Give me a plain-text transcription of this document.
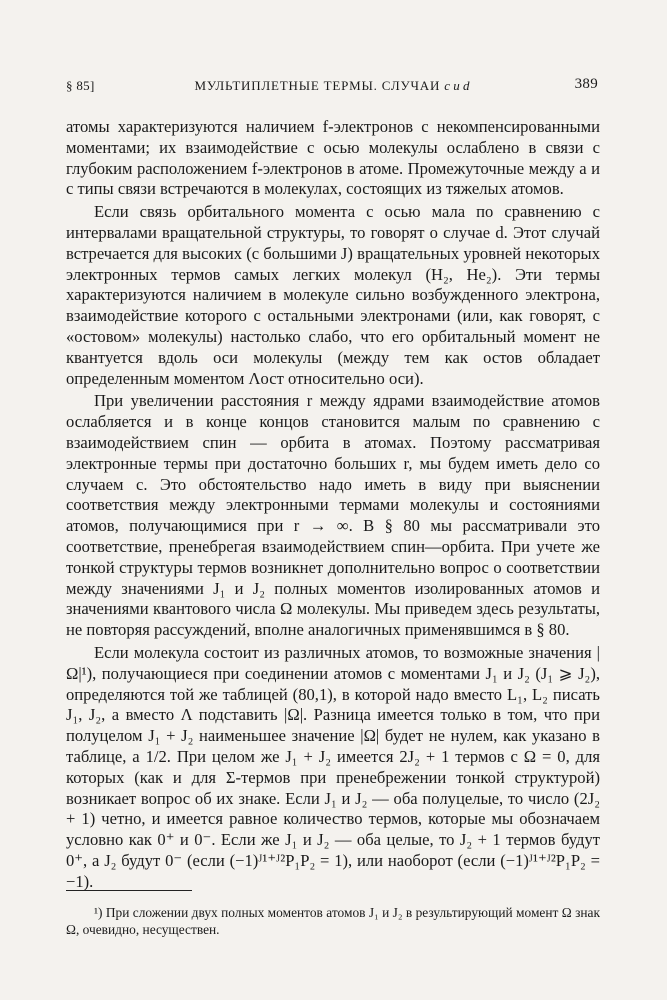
§ 85]	МУЛЬТИПЛЕТНЫЕ ТЕРМЫ. СЛУЧАИ c и d	389

атомы характеризуются наличием f-электронов с некомпенсированными моментами; их взаимодействие с осью молекулы ослаблено в связи с глубоким расположением f-электронов в атоме. Промежуточные между a и c типы связи встречаются в молекулах, состоящих из тяжелых атомов.

Если связь орбитального момента с осью мала по сравнению с интервалами вращательной структуры, то говорят о случае d. Этот случай встречается для высоких (с большими J) вращательных уровней некоторых электронных термов самых легких молекул (H₂, He₂). Эти термы характеризуются наличием в молекуле сильно возбужденного электрона, взаимодействие которого с остальными электронами (или, как говорят, с «остовом» молекулы) настолько слабо, что его орбитальный момент не квантуется вдоль оси молекулы (между тем как остов обладает определенным моментом Λост относительно оси).

При увеличении расстояния r между ядрами взаимодействие атомов ослабляется и в конце концов становится малым по сравнению с взаимодействием спин — орбита в атомах. Поэтому рассматривая электронные термы при достаточно больших r, мы будем иметь дело со случаем c. Это обстоятельство надо иметь в виду при выяснении соответствия между электронными термами молекулы и состояниями атомов, получающимися при r → ∞. В § 80 мы рассматривали это соответствие, пренебрегая взаимодействием спин—орбита. При учете же тонкой структуры термов возникнет дополнительно вопрос о соответствии между значениями J₁ и J₂ полных моментов изолированных атомов и значениями квантового числа Ω молекулы. Мы приведем здесь результаты, не повторяя рассуждений, вполне аналогичных применявшимся в § 80.

Если молекула состоит из различных атомов, то возможные значения |Ω|¹), получающиеся при соединении атомов с моментами J₁ и J₂ (J₁ ⩾ J₂), определяются той же таблицей (80,1), в которой надо вместо L₁, L₂ писать J₁, J₂, а вместо Λ подставить |Ω|. Разница имеется только в том, что при полуцелом J₁ + J₂ наименьшее значение |Ω| будет не нулем, как указано в таблице, а 1/2. При целом же J₁ + J₂ имеется 2J₂ + 1 термов с Ω = 0, для которых (как и для Σ-термов при пренебрежении тонкой структурой) возникает вопрос об их знаке. Если J₁ и J₂ — оба полуцелые, то число (2J₂ + 1) четно, и имеется равное количество термов, которые мы обозначаем условно как 0⁺ и 0⁻. Если же J₁ и J₂ — оба целые, то J₂ + 1 термов будут 0⁺, а J₂ будут 0⁻ (если (−1)ᴶ¹⁺ᴶ²P₁P₂ = 1), или наоборот (если (−1)ᴶ¹⁺ᴶ²P₁P₂ = −1).

¹) При сложении двух полных моментов атомов J₁ и J₂ в результирующий момент Ω знак Ω, очевидно, несуществен.
